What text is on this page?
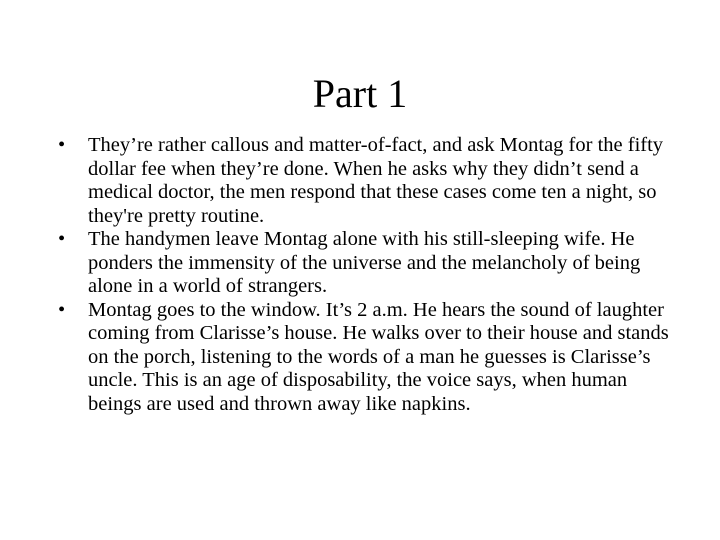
Part 1
•	They’re rather callous and matter-of-fact, and ask Montag for the fifty dollar fee when they’re done. When he asks why they didn’t send a medical doctor, the men respond that these cases come ten a night, so they're pretty routine.
•	The handymen leave Montag alone with his still-sleeping wife. He ponders the immensity of the universe and the melancholy of being alone in a world of strangers.
•	Montag goes to the window. It’s 2 a.m. He hears the sound of laughter coming from Clarisse’s house. He walks over to their house and stands on the porch, listening to the words of a man he guesses is Clarisse’s uncle. This is an age of disposability, the voice says, when human beings are used and thrown away like napkins.
